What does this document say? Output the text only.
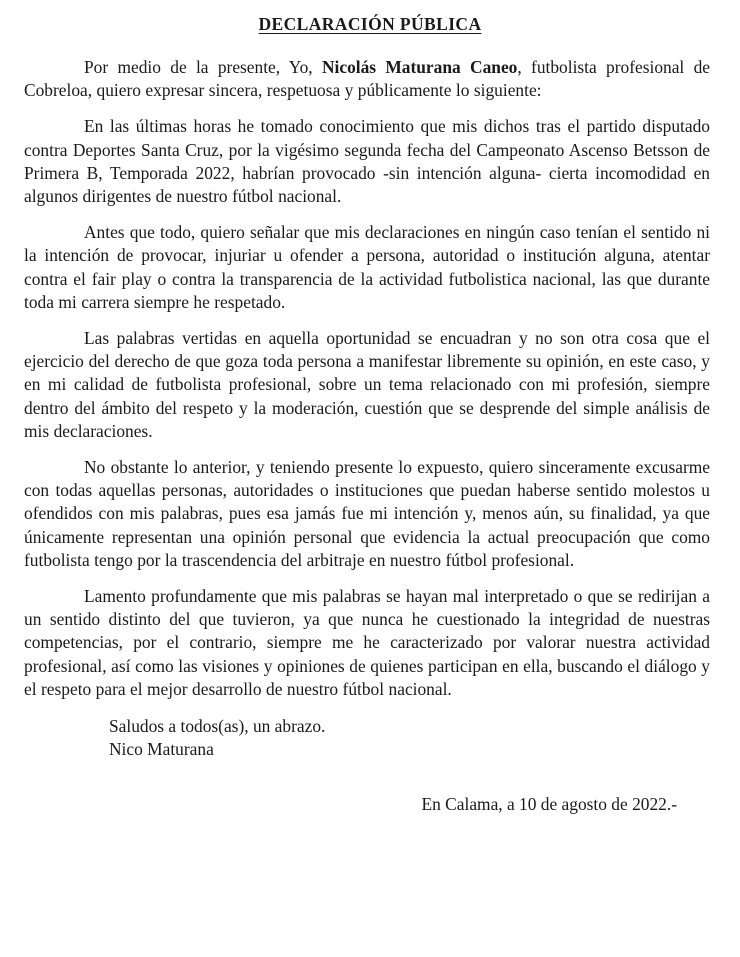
DECLARACIÓN PÚBLICA

Por medio de la presente, Yo, Nicolás Maturana Caneo, futbolista profesional de Cobreloa, quiero expresar sincera, respetuosa y públicamente lo siguiente:

En las últimas horas he tomado conocimiento que mis dichos tras el partido disputado contra Deportes Santa Cruz, por la vigésimo segunda fecha del Campeonato Ascenso Betsson de Primera B, Temporada 2022, habrían provocado -sin intención alguna- cierta incomodidad en algunos dirigentes de nuestro fútbol nacional.

Antes que todo, quiero señalar que mis declaraciones en ningún caso tenían el sentido ni la intención de provocar, injuriar u ofender a persona, autoridad o institución alguna, atentar contra el fair play o contra la transparencia de la actividad futbolistica nacional, las que durante toda mi carrera siempre he respetado.

Las palabras vertidas en aquella oportunidad se encuadran y no son otra cosa que el ejercicio del derecho de que goza toda persona a manifestar libremente su opinión, en este caso, y en mi calidad de futbolista profesional, sobre un tema relacionado con mi profesión, siempre dentro del ámbito del respeto y la moderación, cuestión que se desprende del simple análisis de mis declaraciones.

No obstante lo anterior, y teniendo presente lo expuesto, quiero sinceramente excusarme con todas aquellas personas, autoridades o instituciones que puedan haberse sentido molestos u ofendidos con mis palabras, pues esa jamás fue mi intención y, menos aún, su finalidad, ya que únicamente representan una opinión personal que evidencia la actual preocupación que como futbolista tengo por la trascendencia del arbitraje en nuestro fútbol profesional.

Lamento profundamente que mis palabras se hayan mal interpretado o que se redirijan a un sentido distinto del que tuvieron, ya que nunca he cuestionado la integridad de nuestras competencias, por el contrario, siempre me he caracterizado por valorar nuestra actividad profesional, así como las visiones y opiniones de quienes participan en ella, buscando el diálogo y el respeto para el mejor desarrollo de nuestro fútbol nacional.

Saludos a todos(as), un abrazo.
Nico Maturana
En Calama, a 10 de agosto de 2022.-
